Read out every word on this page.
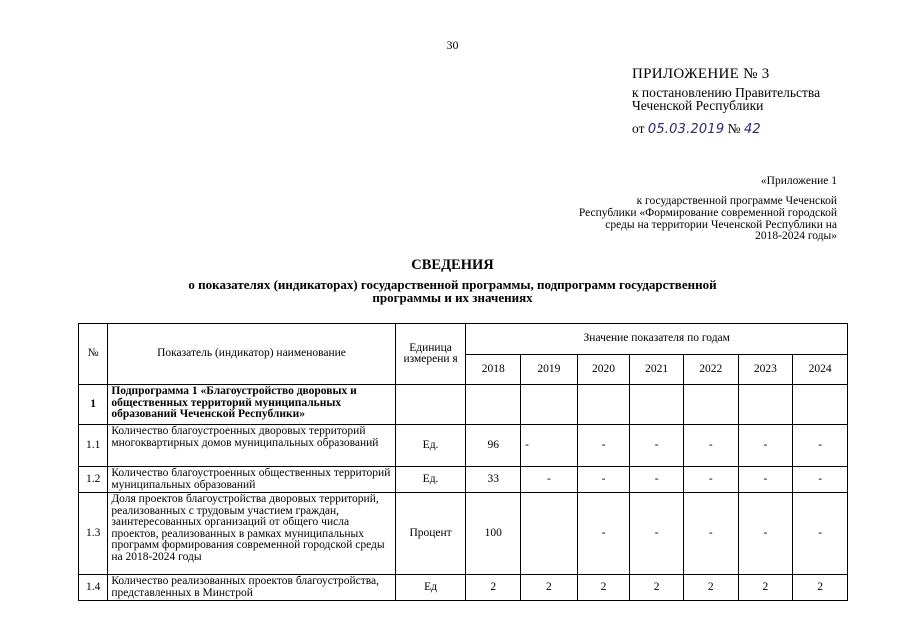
30
ПРИЛОЖЕНИЕ № 3
к постановлению Правительства
Чеченской Республики
от 05.03.2019 № 42
«Приложение 1
к государственной программе Чеченской Республики «Формирование современной городской среды на территории Чеченской Республики на 2018-2024 годы»
СВЕДЕНИЯ
о показателях (индикаторах) государственной программы, подпрограмм государственной программы и их значениях
№	Показатель (индикатор) наименование	Единица измерени я	Значение показателя по годам						
			2018	2019	2020	2021	2022	2023	2024
1	Подпрограмма 1 «Благоустройство дворовых и общественных территорий муниципальных образований Чеченской Республики»								
1.1	Количество благоустроенных дворовых территорий многоквартирных домов муниципальных образований	Ед.	96	-	-	-	-	-	-
1.2	Количество благоустроенных общественных территорий муниципальных образований	Ед.	33	-	-	-	-	-	-
1.3	Доля проектов благоустройства дворовых территорий, реализованных с трудовым участием граждан, заинтересованных организаций от общего числа проектов, реализованных в рамках муниципальных программ формирования современной городской среды на 2018-2024 годы	Процент	100		-	-	-	-	-
1.4	Количество реализованных проектов благоустройства, представленных в Минстрой	Ед	2	2	2	2	2	2	2
